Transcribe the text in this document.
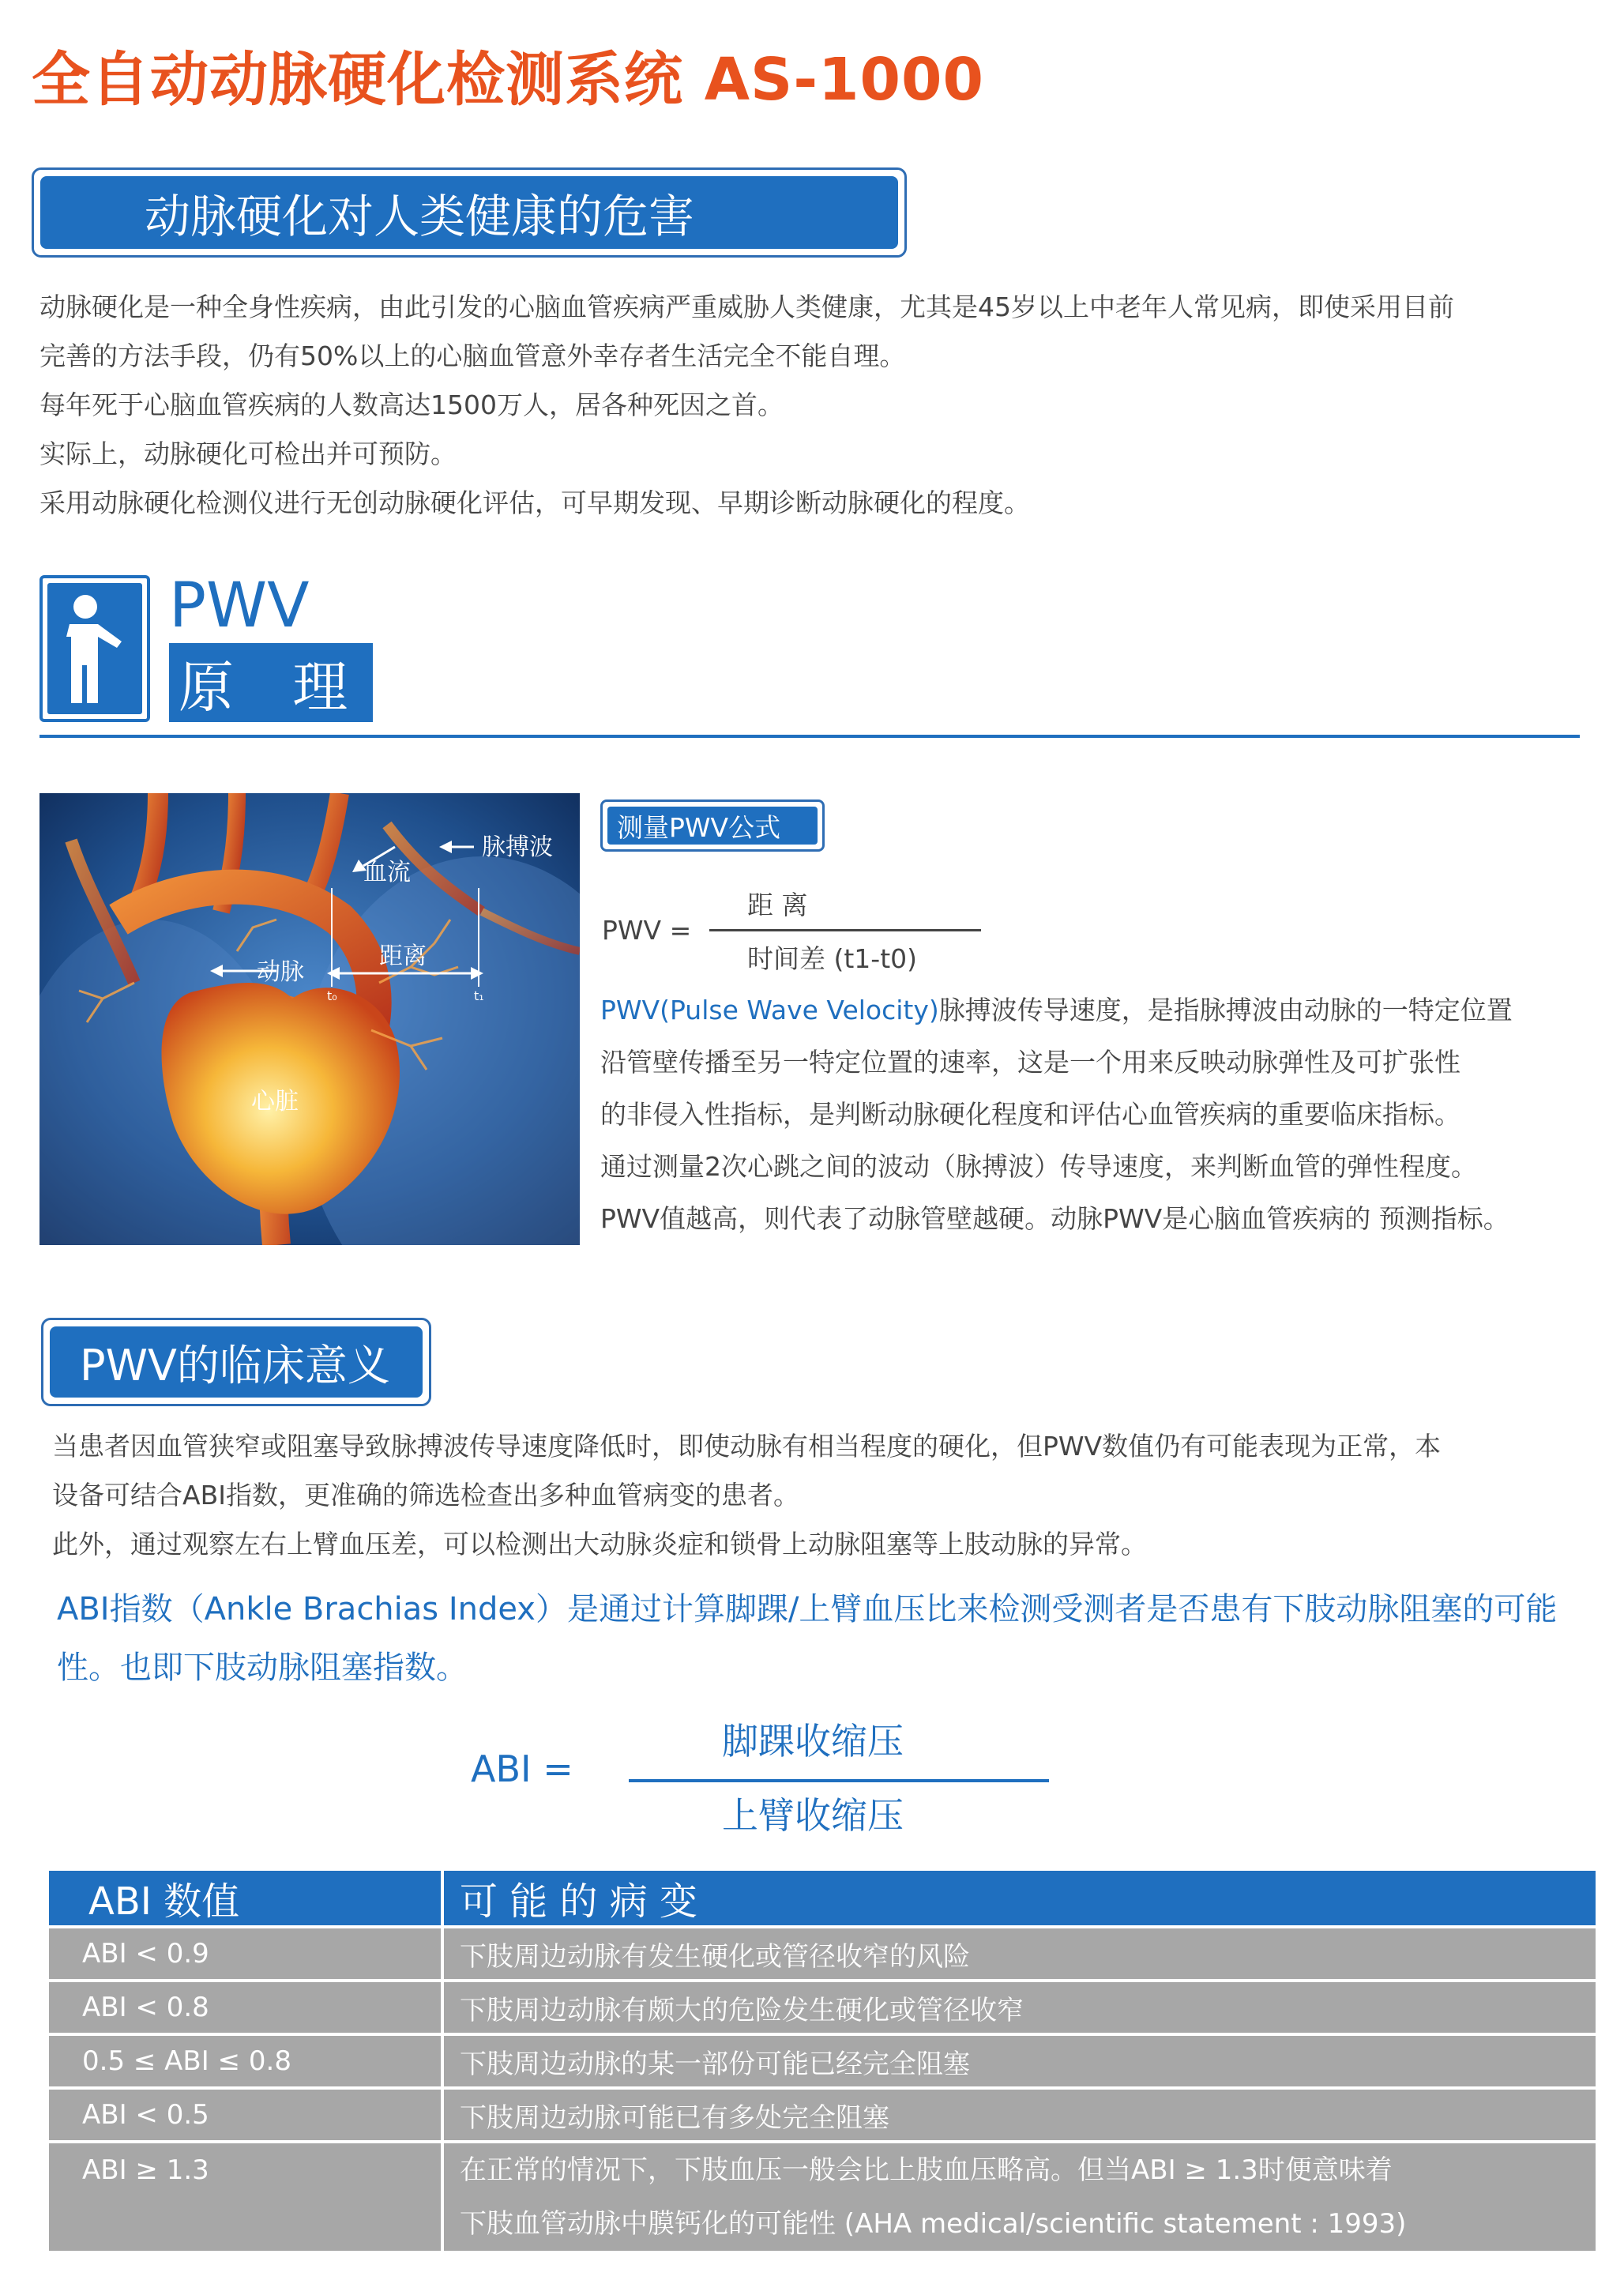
全自动动脉硬化检测系统 AS-1000
动脉硬化对人类健康的危害

动脉硬化是一种全身性疾病，由此引发的心脑血管疾病严重威胁人类健康，尤其是45岁以上中老年人常见病，即使采用目前

完善的方法手段，仍有50%以上的心脑血管意外幸存者生活完全不能自理。

每年死于心脑血管疾病的人数高达1500万人，居各种死因之首。

实际上，动脉硬化可检出并可预防。

采用动脉硬化检测仪进行无创动脉硬化评估，可早期发现、早期诊断动脉硬化的程度。

PWV
原 理
脉搏波
血流
动脉
距离
心脏
t₀	t₁
测量PWV公式
PWV =
距 离
时间差 (t1-t0)
PWV(Pulse Wave Velocity)脉搏波传导速度，是指脉搏波由动脉的一特定位置
沿管壁传播至另一特定位置的速率，这是一个用来反映动脉弹性及可扩张性
的非侵入性指标，是判断动脉硬化程度和评估心血管疾病的重要临床指标。
通过测量2次心跳之间的波动（脉搏波）传导速度，来判断血管的弹性程度。
PWV值越高，则代表了动脉管壁越硬。动脉PWV是心脑血管疾病的 预测指标。
PWV的临床意义

当患者因血管狭窄或阻塞导致脉搏波传导速度降低时，即使动脉有相当程度的硬化，但PWV数值仍有可能表现为正常，本

设备可结合ABI指数，更准确的筛选检查出多种血管病变的患者。

此外，通过观察左右上臂血压差，可以检测出大动脉炎症和锁骨上动脉阻塞等上肢动脉的异常。

ABI指数（Ankle Brachias Index）是通过计算脚踝/上臂血压比来检测受测者是否患有下肢动脉阻塞的可能
性。也即下肢动脉阻塞指数。
ABI =
脚踝收缩压
上臂收缩压
ABI 数值	可 能 的 病 变
ABI < 0.9	下肢周边动脉有发生硬化或管径收窄的风险
ABI < 0.8	下肢周边动脉有颇大的危险发生硬化或管径收窄
0.5 ≤ ABI ≤ 0.8	下肢周边动脉的某一部份可能已经完全阻塞
ABI < 0.5	下肢周边动脉可能已有多处完全阻塞
ABI ≥ 1.3	在正常的情况下，下肢血压一般会比上肢血压略高。但当ABI ≥ 1.3时便意味着
下肢血管动脉中膜钙化的可能性 (AHA medical/scientific statement : 1993)
